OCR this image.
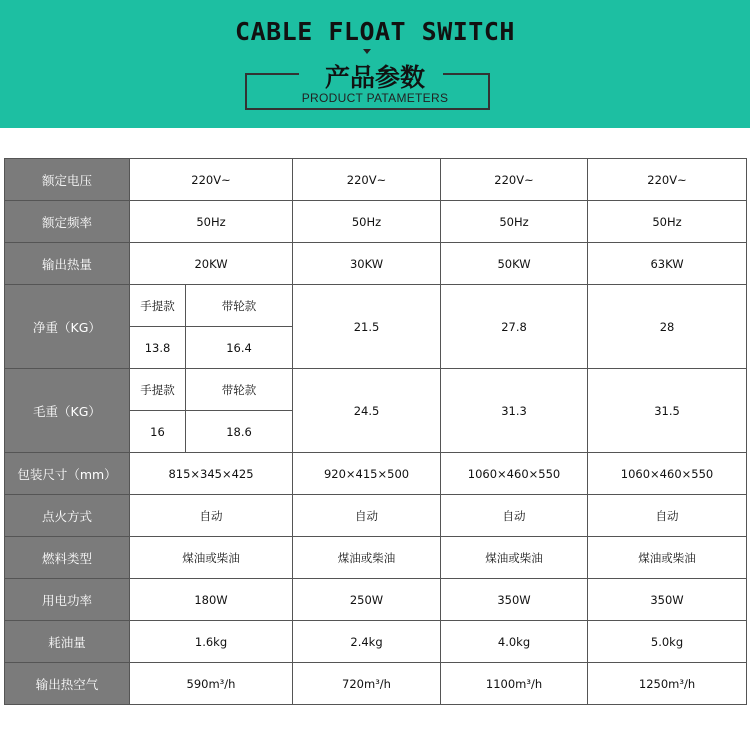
CABLE FLOAT SWITCH
产品参数
PRODUCT PATAMETERS
额定电压	220V~		220V~	220V~	220V~
额定频率	50Hz		50Hz	50Hz	50Hz
输出热量	20KW		30KW	50KW	63KW
净重（KG）	手提款	带轮款	21.5	27.8	28
	13.8	16.4			
毛重（KG）	手提款	带轮款	24.5	31.3	31.5
	16	18.6			
包装尺寸（mm）	815×345×425		920×415×500	1060×460×550	1060×460×550
点火方式	自动		自动	自动	自动
燃料类型	煤油或柴油		煤油或柴油	煤油或柴油	煤油或柴油
用电功率	180W		250W	350W	350W
耗油量	1.6kg		2.4kg	4.0kg	5.0kg
输出热空气	590m³/h		720m³/h	1100m³/h	1250m³/h
